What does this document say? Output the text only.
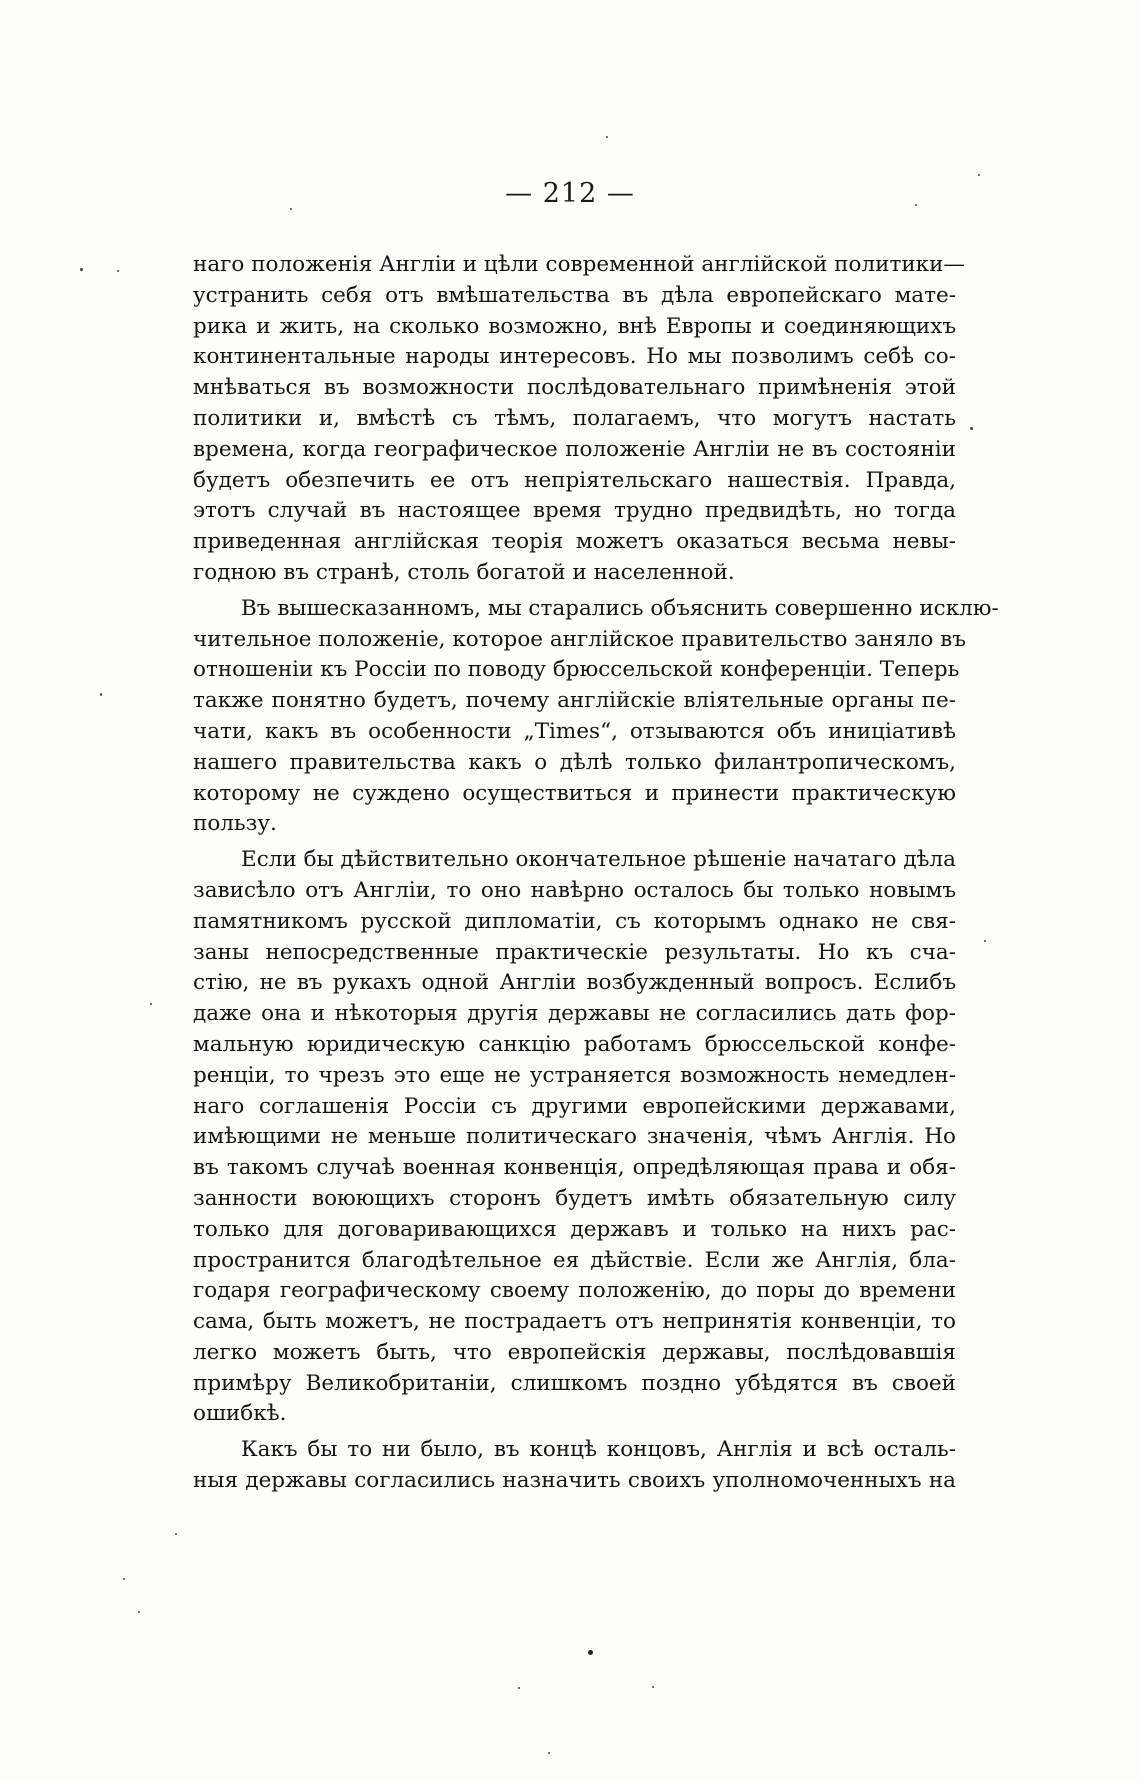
— 212 —
наго положенія Англіи и цѣли современной англійской политики—
устранить себя отъ вмѣшательства въ дѣла европейскаго мате-
рика и жить, на сколько возможно, внѣ Европы и соединяющихъ
континентальные народы интересовъ. Но мы позволимъ себѣ со-
мнѣваться въ возможности послѣдовательнаго примѣненія этой
политики и, вмѣстѣ съ тѣмъ, полагаемъ, что могутъ настать
времена, когда географическое положеніе Англіи не въ состояніи
будетъ обезпечить ее отъ непріятельскаго нашествія. Правда,
этотъ случай въ настоящее время трудно предвидѣть, но тогда
приведенная англійская теорія можетъ оказаться весьма невы-
годною въ странѣ, столь богатой и населенной.
Въ вышесказанномъ, мы старались объяснить совершенно исклю-
чительное положеніе, которое англійское правительство заняло въ
отношеніи къ Россіи по поводу брюссельской конференціи. Теперь
также понятно будетъ, почему англійскіе вліятельные органы пе-
чати, какъ въ особенности „Times“, отзываются объ иниціативѣ
нашего правительства какъ о дѣлѣ только филантропическомъ,
которому не суждено осуществиться и принести практическую
пользу.
Если бы дѣйствительно окончательное рѣшеніе начатаго дѣла
зависѣло отъ Англіи, то оно навѣрно осталось бы только новымъ
памятникомъ русской дипломатіи, съ которымъ однако не свя-
заны непосредственные практическіе результаты. Но къ сча-
стію, не въ рукахъ одной Англіи возбужденный вопросъ. Еслибъ
даже она и нѣкоторыя другія державы не согласились дать фор-
мальную юридическую санкцію работамъ брюссельской конфе-
ренціи, то чрезъ это еще не устраняется возможность немедлен-
наго соглашенія Россіи съ другими европейскими державами,
имѣющими не меньше политическаго значенія, чѣмъ Англія. Но
въ такомъ случаѣ военная конвенція, опредѣляющая права и обя-
занности воюющихъ сторонъ будетъ имѣть обязательную силу
только для договаривающихся державъ и только на нихъ рас-
пространится благодѣтельное ея дѣйствіе. Если же Англія, бла-
годаря географическому своему положенію, до поры до времени
сама, быть можетъ, не пострадаетъ отъ непринятія конвенціи, то
легко можетъ быть, что европейскія державы, послѣдовавшія
примѣру Великобританіи, слишкомъ поздно убѣдятся въ своей
ошибкѣ.
Какъ бы то ни было, въ концѣ концовъ, Англія и всѣ осталь-
ныя державы согласились назначить своихъ уполномоченныхъ на
